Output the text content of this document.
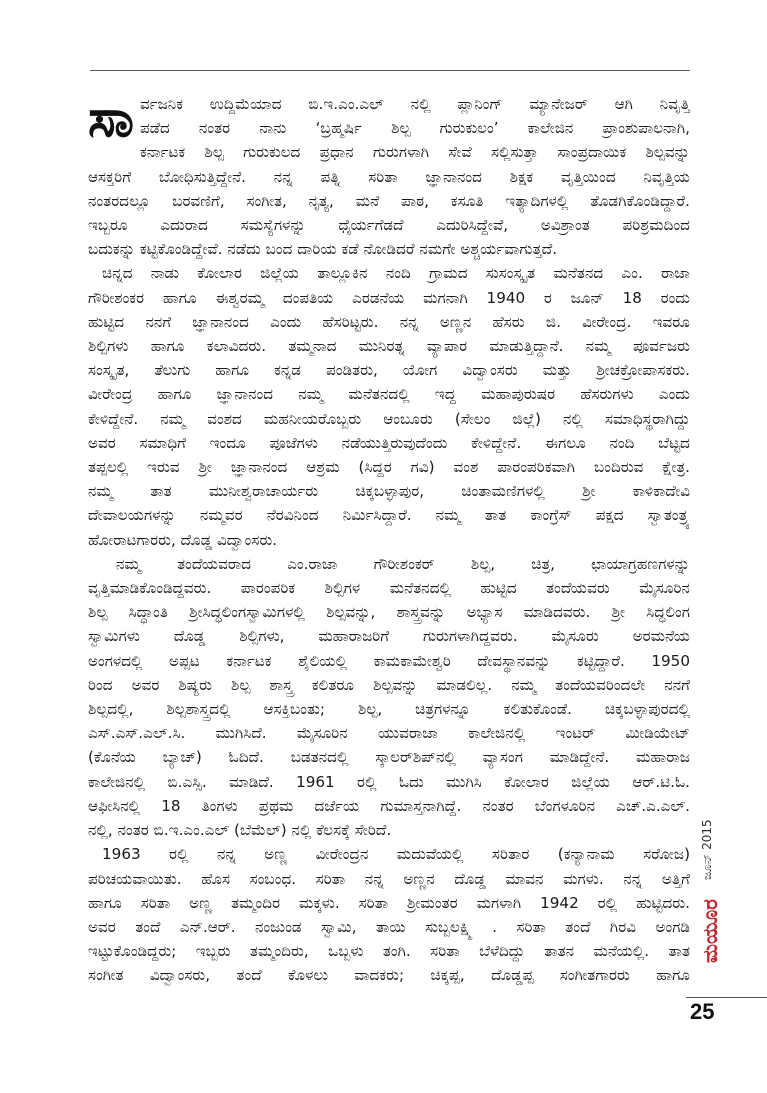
ಸಾ ರ್ವಜನಿಕ ಉದ್ದಿಮೆಯಾದ ಬಿ.ಇ.ಎಂ.ಎಲ್ ನಲ್ಲಿ ಪ್ಲಾನಿಂಗ್ ಮ್ಯಾನೇಜರ್ ಆಗಿ ನಿವೃತ್ತಿ
ಪಡೆದ ನಂತರ ನಾನು ‘ಬ್ರಹ್ಮರ್ಷಿ ಶಿಲ್ಪ ಗುರುಕುಲಂ’ ಕಾಲೇಜಿನ ಪ್ರಾಂಶುಪಾಲನಾಗಿ,
ಕರ್ನಾಟಕ ಶಿಲ್ಪ ಗುರುಕುಲದ ಪ್ರಧಾನ ಗುರುಗಳಾಗಿ ಸೇವೆ ಸಲ್ಲಿಸುತ್ತಾ ಸಾಂಪ್ರದಾಯಿಕ ಶಿಲ್ಪವನ್ನು
ಆಸಕ್ತರಿಗೆ ಬೋಧಿಸುತ್ತಿದ್ದೇನೆ. ನನ್ನ ಪತ್ನಿ ಸರಿತಾ ಜ್ಞಾನಾನಂದ ಶಿಕ್ಷಕ ವೃತ್ತಿಯಿಂದ ನಿವೃತ್ತಿಯ
ನಂತರದಲ್ಲೂ ಬರವಣಿಗೆ, ಸಂಗೀತ, ನೃತ್ಯ, ಮನೆ ಪಾಠ, ಕಸೂತಿ ಇತ್ಯಾದಿಗಳಲ್ಲಿ ತೊಡಗಿಕೊಂಡಿದ್ದಾರೆ.
ಇಬ್ಬರೂ ಎದುರಾದ ಸಮಸ್ಯೆಗಳನ್ನು ಧೈರ್ಯಗೆಡದೆ ಎದುರಿಸಿದ್ದೇವೆ, ಅವಿಶ್ರಾಂತ ಪರಿಶ್ರಮದಿಂದ
ಬದುಕನ್ನು ಕಟ್ಟಿಕೊಂಡಿದ್ದೇವೆ. ನಡೆದು ಬಂದ ದಾರಿಯ ಕಡೆ ನೋಡಿದರೆ ನಮಗೇ ಅಶ್ಚರ್ಯವಾಗುತ್ತದೆ.

ಚಿನ್ನದ ನಾಡು ಕೋಲಾರ ಜಿಲ್ಲೆಯ ತಾಲ್ಲೂಕಿನ ನಂದಿ ಗ್ರಾಮದ ಸುಸಂಸ್ಕೃತ ಮನೆತನದ ಎಂ. ರಾಜಾ
ಗೌರೀಶಂಕರ ಹಾಗೂ ಈಶ್ವರಮ್ಮ ದಂಪತಿಯ ಎರಡನೆಯ ಮಗನಾಗಿ 1940 ರ ಜೂನ್ 18 ರಂದು
ಹುಟ್ಟಿದ ನನಗೆ ಜ್ಞಾನಾನಂದ ಎಂದು ಹೆಸರಿಟ್ಟರು. ನನ್ನ ಅಣ್ಣನ ಹೆಸರು ಜಿ. ವೀರೇಂದ್ರ. ಇವರೂ
ಶಿಲ್ಪಿಗಳು ಹಾಗೂ ಕಲಾವಿದರು. ತಮ್ಮನಾದ ಮುನಿರತ್ನ ವ್ಯಾಪಾರ ಮಾಡುತ್ತಿದ್ದಾನೆ. ನಮ್ಮ ಪೂರ್ವಜರು
ಸಂಸ್ಕೃತ, ತೆಲುಗು ಹಾಗೂ ಕನ್ನಡ ಪಂಡಿತರು, ಯೋಗ ವಿದ್ವಾಂಸರು ಮತ್ತು ಶ್ರೀಚಕ್ರೋಪಾಸಕರು.
ವೀರೇಂದ್ರ ಹಾಗೂ ಜ್ಞಾನಾನಂದ ನಮ್ಮ ಮನೆತನದಲ್ಲಿ ಇದ್ದ ಮಹಾಪುರುಷರ ಹೆಸರುಗಳು ಎಂದು
ಕೇಳಿದ್ದೇನೆ. ನಮ್ಮ ವಂಶದ ಮಹನೀಯರೊಬ್ಬರು ಆಂಬೂರು (ಸೇಲಂ ಜಿಲ್ಲೆ) ನಲ್ಲಿ ಸಮಾಧಿಸ್ಥರಾಗಿದ್ದು
ಅವರ ಸಮಾಧಿಗೆ ಇಂದೂ ಪೂಜೆಗಳು ನಡೆಯುತ್ತಿರುವುದೆಂದು ಕೇಳಿದ್ದೇನೆ. ಈಗಲೂ ನಂದಿ ಬೆಟ್ಟದ
ತಪ್ಪಲಲ್ಲಿ ಇರುವ ಶ್ರೀ ಜ್ಞಾನಾನಂದ ಆಶ್ರಮ (ಸಿದ್ದರ ಗವಿ) ವಂಶ ಪಾರಂಪರಿಕವಾಗಿ ಬಂದಿರುವ ಕ್ಷೇತ್ರ.
ನಮ್ಮ ತಾತ ಮುನೀಶ್ವರಾಚಾರ್ಯರು ಚಿಕ್ಕಬಳ್ಳಾಪುರ, ಚಿಂತಾಮಣಿಗಳಲ್ಲಿ ಶ್ರೀ ಕಾಳಿಕಾದೇವಿ
ದೇವಾಲಯಗಳನ್ನು ನಮ್ಮವರ ನೆರವಿನಿಂದ ನಿರ್ಮಿಸಿದ್ದಾರೆ. ನಮ್ಮ ತಾತ ಕಾಂಗ್ರೆಸ್ ಪಕ್ಷದ ಸ್ವಾತಂತ್ರ್ಯ
ಹೋರಾಟಗಾರರು, ದೊಡ್ಡ ವಿದ್ವಾಂಸರು.

ನಮ್ಮ ತಂದೆಯವರಾದ ಎಂ.ರಾಜಾ ಗೌರೀಶಂಕರ್ ಶಿಲ್ಪ, ಚಿತ್ರ, ಛಾಯಾಗ್ರಹಣಗಳನ್ನು
ವೃತ್ತಿಮಾಡಿಕೊಂಡಿದ್ದವರು. ಪಾರಂಪರಿಕ ಶಿಲ್ಪಿಗಳ ಮನೆತನದಲ್ಲಿ ಹುಟ್ಟಿದ ತಂದೆಯವರು ಮೈಸೂರಿನ
ಶಿಲ್ಪ ಸಿದ್ಧಾಂತಿ ಶ್ರೀಸಿದ್ಧಲಿಂಗಸ್ವಾಮಿಗಳಲ್ಲಿ ಶಿಲ್ಪವನ್ನು, ಶಾಸ್ತ್ರವನ್ನು ಅಭ್ಯಾಸ ಮಾಡಿದವರು. ಶ್ರೀ ಸಿದ್ಧಲಿಂಗ
ಸ್ವಾಮಿಗಳು ದೊಡ್ಡ ಶಿಲ್ಪಿಗಳು, ಮಹಾರಾಜರಿಗೆ ಗುರುಗಳಾಗಿದ್ದವರು. ಮೈಸೂರು ಅರಮನೆಯ
ಅಂಗಳದಲ್ಲಿ ಅಪ್ಪಟ ಕರ್ನಾಟಕ ಶೈಲಿಯಲ್ಲಿ ಕಾಮಕಾಮೇಶ್ವರಿ ದೇವಸ್ಥಾನವನ್ನು ಕಟ್ಟಿದ್ದಾರೆ. 1950
ರಿಂದ ಅವರ ಶಿಷ್ಯರು ಶಿಲ್ಪ ಶಾಸ್ತ್ರ ಕಲಿತರೂ ಶಿಲ್ಪವನ್ನು ಮಾಡಲಿಲ್ಲ. ನಮ್ಮ ತಂದೆಯವರಿಂದಲೇ ನನಗೆ
ಶಿಲ್ಪದಲ್ಲಿ, ಶಿಲ್ಪಶಾಸ್ತ್ರದಲ್ಲಿ ಆಸಕ್ತಿಬಂತು; ಶಿಲ್ಪ, ಚಿತ್ರಗಳನ್ನೂ ಕಲಿತುಕೊಂಡೆ. ಚಿಕ್ಕಬಳ್ಳಾಪುರದಲ್ಲಿ
ಎಸ್.ಎಸ್.ಎಲ್.ಸಿ. ಮುಗಿಸಿದೆ. ಮೈಸೂರಿನ ಯುವರಾಜಾ ಕಾಲೇಜಿನಲ್ಲಿ ಇಂಟರ್ ಮೀಡಿಯೇಟ್
(ಕೊನೆಯ ಬ್ಯಾಚ್) ಓದಿದೆ. ಬಡತನದಲ್ಲಿ ಸ್ಕಾಲರ್‌ಶಿಪ್‌ನಲ್ಲಿ ವ್ಯಾಸಂಗ ಮಾಡಿದ್ದೇನೆ. ಮಹಾರಾಜ
ಕಾಲೇಜಿನಲ್ಲಿ ಬಿ.ಎಸ್ಸಿ. ಮಾಡಿದೆ. 1961 ರಲ್ಲಿ ಓದು ಮುಗಿಸಿ ಕೋಲಾರ ಜಿಲ್ಲೆಯ ಆರ್.ಟಿ.ಓ.
ಆಫೀಸಿನಲ್ಲಿ 18 ತಿಂಗಳು ಪ್ರಥಮ ದರ್ಜೆಯ ಗುಮಾಸ್ತನಾಗಿದ್ದೆ. ನಂತರ ಬೆಂಗಳೂರಿನ ಎಚ್.ಎ.ಎಲ್.
ನಲ್ಲಿ, ನಂತರ ಬಿ.ಇ.ಎಂ.ಎಲ್ (ಬೆಮೆಲ್) ನಲ್ಲಿ ಕೆಲಸಕ್ಕೆ ಸೇರಿದೆ.

1963 ರಲ್ಲಿ ನನ್ನ ಅಣ್ಣ ವೀರೇಂದ್ರನ ಮದುವೆಯಲ್ಲಿ ಸರಿತಾರ (ಕನ್ಯಾನಾಮ ಸರೋಜ)
ಪರಿಚಯವಾಯಿತು. ಹೊಸ ಸಂಬಂಧ. ಸರಿತಾ ನನ್ನ ಅಣ್ಣನ ದೊಡ್ಡ ಮಾವನ ಮಗಳು. ನನ್ನ ಅತ್ತಿಗೆ
ಹಾಗೂ ಸರಿತಾ ಅಣ್ಣ ತಮ್ಮಂದಿರ ಮಕ್ಕಳು. ಸರಿತಾ ಶ್ರೀಮಂತರ ಮಗಳಾಗಿ 1942 ರಲ್ಲಿ ಹುಟ್ಟಿದರು.
ಅವರ ತಂದೆ ಎನ್.ಆರ್. ನಂಜುಂಡ ಸ್ವಾಮಿ, ತಾಯಿ ಸುಬ್ಬಲಕ್ಷ್ಮಿ . ಸರಿತಾ ತಂದೆ ಗಿರವಿ ಅಂಗಡಿ
ಇಟ್ಟುಕೊಂಡಿದ್ದರು; ಇಬ್ಬರು ತಮ್ಮಂದಿರು, ಒಬ್ಬಳು ತಂಗಿ. ಸರಿತಾ ಬೆಳೆದಿದ್ದು ತಾತನ ಮನೆಯಲ್ಲಿ. ತಾತ
ಸಂಗೀತ ವಿದ್ವಾಂಸರು, ತಂದೆ ಕೊಳಲು ವಾದಕರು; ಚಿಕ್ಕಪ್ಪ, ದೊಡ್ಡಪ್ಪ ಸಂಗೀತಗಾರರು ಹಾಗೂ

ಜೂನ್ 2015
ಮಯೂರ
25
